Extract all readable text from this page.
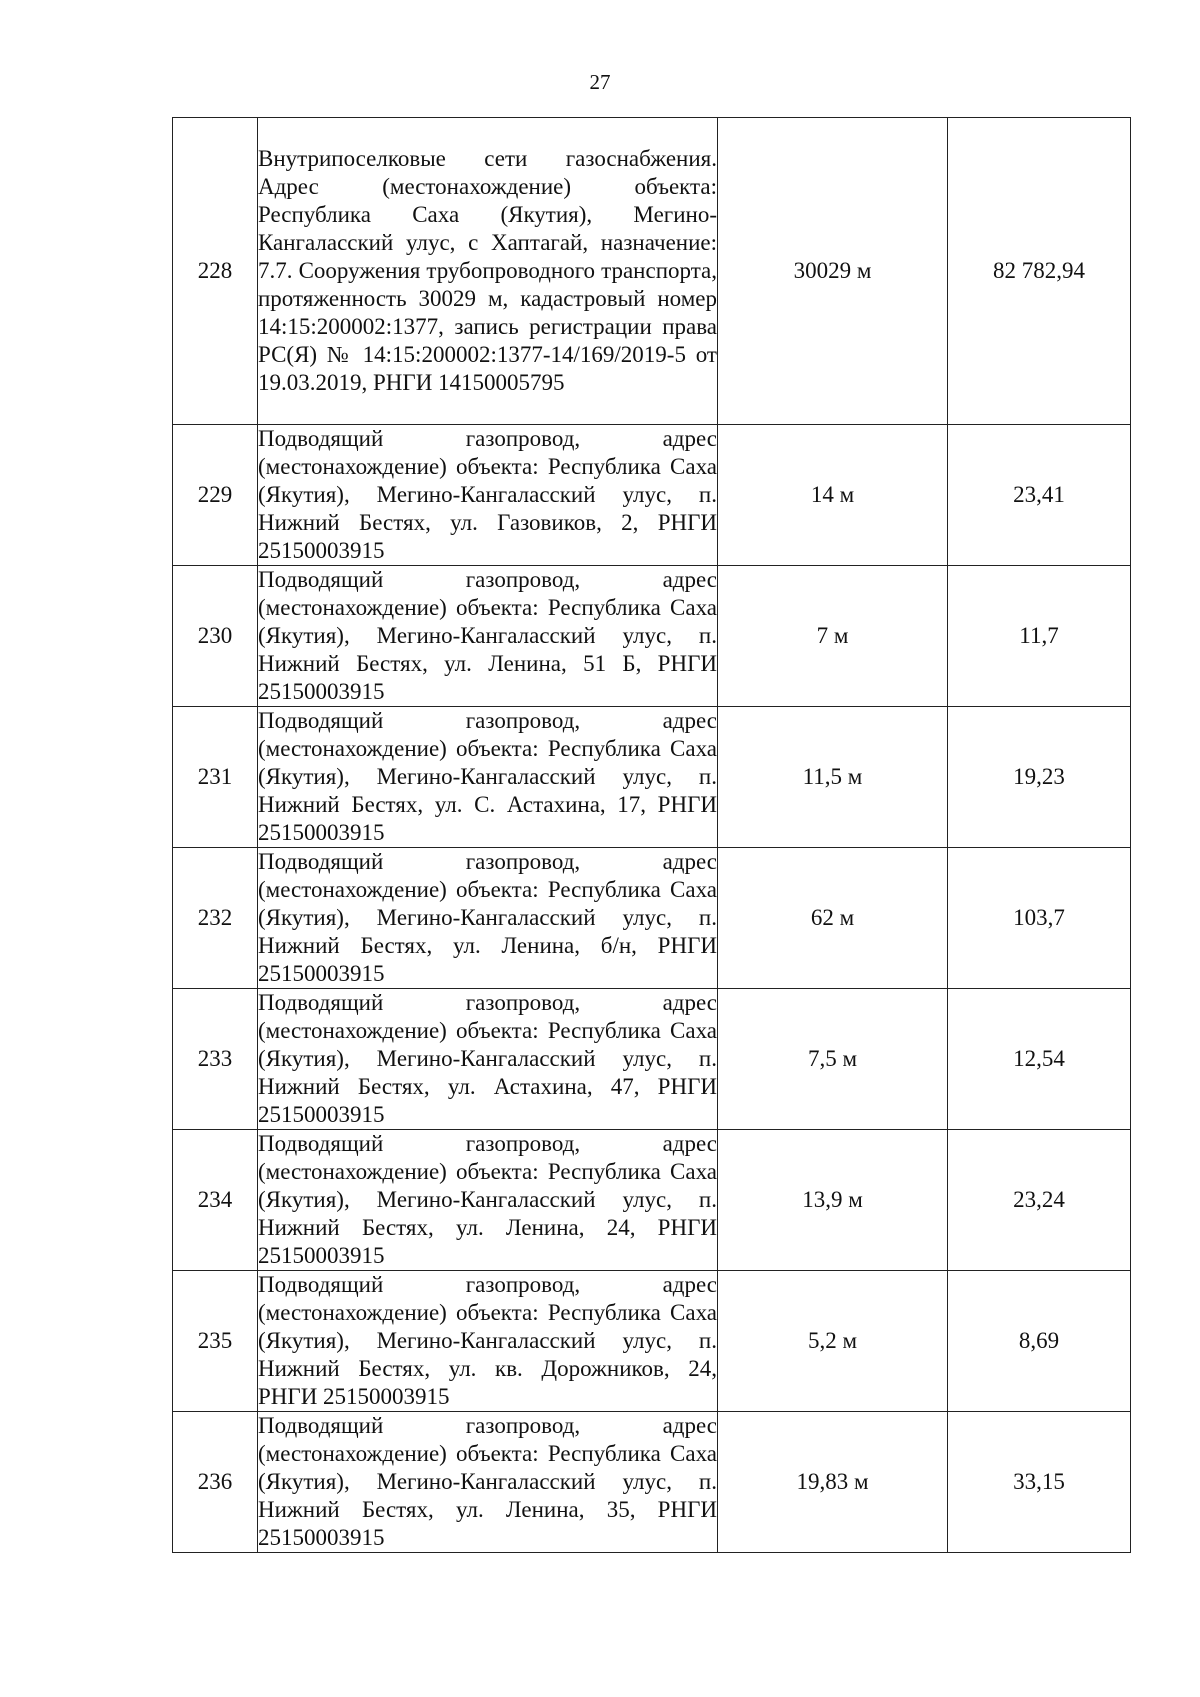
27
228	Внутрипоселковые сети газоснабжения. Адрес (местонахождение) объекта: Республика Саха (Якутия), Мегино-Кангаласский улус, с Хаптагай, назначение: 7.7. Сооружения трубопроводного транспорта, протяженность 30029 м, кадастровый номер 14:15:200002:1377, запись регистрации права РС(Я) № 14:15:200002:1377-14/169/2019-5 от 19.03.2019, РНГИ 14150005795	30029 м	82 782,94
229	Подводящий газопровод, адрес (местонахождение) объекта: Республика Саха (Якутия), Мегино-Кангаласский улус, п. Нижний Бестях, ул. Газовиков, 2, РНГИ 25150003915	14 м	23,41
230	Подводящий газопровод, адрес (местонахождение) объекта: Республика Саха (Якутия), Мегино-Кангаласский улус, п. Нижний Бестях, ул. Ленина, 51 Б, РНГИ 25150003915	7 м	11,7
231	Подводящий газопровод, адрес (местонахождение) объекта: Республика Саха (Якутия), Мегино-Кангаласский улус, п. Нижний Бестях, ул. С. Астахина, 17, РНГИ 25150003915	11,5 м	19,23
232	Подводящий газопровод, адрес (местонахождение) объекта: Республика Саха (Якутия), Мегино-Кангаласский улус, п. Нижний Бестях, ул. Ленина, б/н, РНГИ 25150003915	62 м	103,7
233	Подводящий газопровод, адрес (местонахождение) объекта: Республика Саха (Якутия), Мегино-Кангаласский улус, п. Нижний Бестях, ул. Астахина, 47, РНГИ 25150003915	7,5 м	12,54
234	Подводящий газопровод, адрес (местонахождение) объекта: Республика Саха (Якутия), Мегино-Кангаласский улус, п. Нижний Бестях, ул. Ленина, 24, РНГИ 25150003915	13,9 м	23,24
235	Подводящий газопровод, адрес (местонахождение) объекта: Республика Саха (Якутия), Мегино-Кангаласский улус, п. Нижний Бестях, ул. кв. Дорожников, 24, РНГИ 25150003915	5,2 м	8,69
236	Подводящий газопровод, адрес (местонахождение) объекта: Республика Саха (Якутия), Мегино-Кангаласский улус, п. Нижний Бестях, ул. Ленина, 35, РНГИ 25150003915	19,83 м	33,15
